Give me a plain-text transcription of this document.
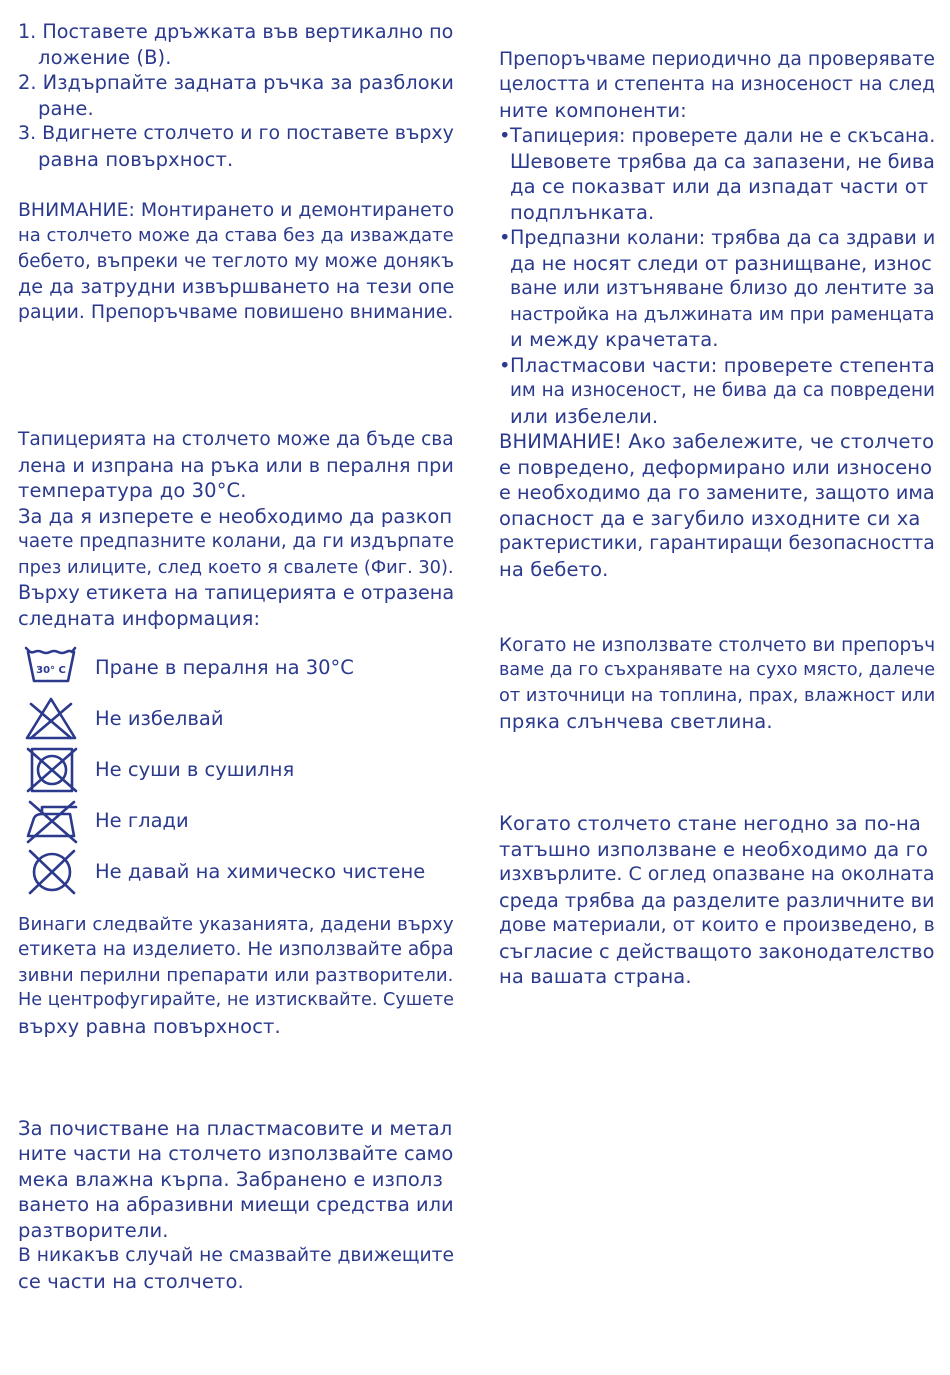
1. Поставете дръжката във вертикално по
ложение (B).
2. Издърпайте задната ръчка за разблоки
ране.
3. Вдигнете столчето и го поставете върху
равна повърхност.
ВНИМАНИЕ: Монтирането и демонтирането
на столчето може да става без да изваждате
бебето, въпреки че теглото му може донякъ
де да затрудни извършването на тези опе
рации. Препоръчваме повишено внимание.
Тапицерията на столчето може да бъде сва
лена и изпрана на ръка или в пералня при
температура до 30°C.
За да я изперете е необходимо да разкоп
чаете предпазните колани, да ги издърпате
през илиците, след което я свалете (Фиг. 30).
Върху етикета на тапицерията е отразена
следната информация:
30° C Пране в пералня на 30°C
Не избелвай
Не суши в сушилня
Не глади
Не давай на химическо чистене
Винаги следвайте указанията, дадени върху
етикета на изделието. Не използвайте абра
зивни перилни препарати или разтворители.
Не центрофугирайте, не изтисквайте. Сушете
върху равна повърхност.
За почистване на пластмасовите и метал
ните части на столчето използвайте само
мека влажна кърпа. Забранено е използ
ването на абразивни миещи средства или
разтворители.
В никакъв случай не смазвайте движещите
се части на столчето.
Препоръчваме периодично да проверявате
целостта и степента на износеност на след
ните компоненти:
• Тапицерия: проверете дали не е скъсана.
Шевовете трябва да са запазени, не бива
да се показват или да изпадат части от
подплънката.
• Предпазни колани: трябва да са здрави и
да не носят следи от разнищване, износ
ване или изтъняване близо до лентите за
настройка на дължината им при раменцата
и между крачетата.
• Пластмасови части: проверете степента
им на износеност, не бива да са повредени
или избелели.
ВНИМАНИЕ! Ако забележите, че столчето
е повредено, деформирано или износено
е необходимо да го замените, защото има
опасност да е загубило изходните си ха
рактеристики, гарантиращи безопасността
на бебето.
Когато не използвате столчето ви препоръч
ваме да го съхранявате на сухо място, далече
от източници на топлина, прах, влажност или
пряка слънчева светлина.
Когато столчето стане негодно за по-на
татъшно използване е необходимо да го
изхвърлите. С оглед опазване на околната
среда трябва да разделите различните ви
дове материали, от които е произведено, в
съгласие с действащото законодателство
на вашата страна.
